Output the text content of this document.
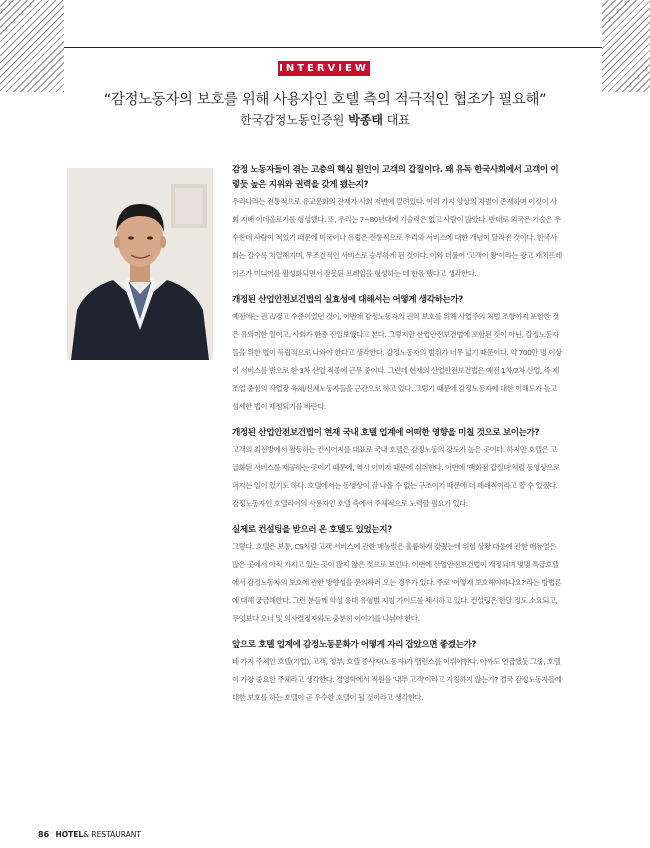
INTERVIEW
“감정노동자의 보호를 위해 사용자인 호텔 측의 적극적인 협조가 필요해”
한국감정노동인증원 박종태 대표

감정 노동자들이 겪는 고충의 핵심 원인이 고객의 갑질이다. 왜 유독 한국사회에서 고객이 이렇듯 높은 지위와 권력을 갖게 됐는지?

우리나라는 전통적으로 유교문화의 잔재가 사회 저변에 깔려있다. 여러 가지 양상의 차별이 존재하며 이것이 사회 지배 이데올로기를 형성했다. 또, 우리는 7~80년대에 기술력은 없고 사람이 많았다. 반대로 외국은 기술은 우수한데 사람이 적었기 때문에 미국이나 유럽은 전통적으로 우리와 서비스에 대한 개념이 달라진 것이다. 한국사회는 갈수록 치열해지며, 무조건적인 서비스로 승부하게 된 것이다. 이와 더불어 '고객이 왕'이라는 광고 캐치프레이즈가 미디어를 활성화되면서 잘못된 프레임을 형성하는 데 한몫 했다고 생각한다.

개정된 산업안전보건법의 실효성에 대해서는 어떻게 생각하는가?

예전에는 권고/경고 수준이었던 것이, 이번에 감정노동자의 권익 보호를 위해 사업주의 처벌 조항까지 포함한 것은 유의미한 일이고, 사회가 한층 진일보했다고 본다. 그렇지만 산업안전보건법에 포함된 것이 아닌, 감정노동자들을 위한 법이 독립적으로 나와야 한다고 생각한다. 감정노동자의 범위가 너무 넓기 때문이다. 약 700만 명 이상이 서비스를 반으로 한 3차 산업 직종에 근무 중이다. 그런데 현재의 산업안전보건법은 예전 1차/2차 산업, 즉 제조업 중심의 작업장 육체/신체노동자들을 근간으로 하고 있다. 그렇기 때문에 감정노동자에 대한 이해도가 높고 섬세한 법이 제정되기를 바란다.

개정된 산업안전보건법이 현재 국내 호텔 업계에 어떠한 영향을 미칠 것으로 보이는가?

고객의 최전방에서 활동하는 컨시어지를 대표로 국내 호텔은 감정노동의 강도가 높은 곳이다. 하지만 호텔은 고급화된 서비스를 제공하는 곳이기 때문에, 역시 이미지 때문에 쉬쉬한다. 이번에 '백화점 갑질녀'처럼 동영상으로 퍼지는 일이 있기도 하다. 호텔에서는 동영상이 잘 나올 수 없는 구조이기 때문에 더 폐쇄적이라고 할 수 있겠다. 감정노동자인 호텔리어의 사용자인 호텔 측에서 주체적으로 노력할 필요가 있다.

실제로 컨설팅을 받으러 온 호텔도 있었는지?

그렇다. 호텔은 보통, CS처럼 고객 서비스에 관한 매뉴얼은 훌륭하게 갖췄는데 위험 상황 대응에 관한 매뉴얼은 많은 곳에서 아직 가지고 있는 곳이 많지 않은 것으로 보인다. 이번에 산업안전보건법이 개정되며 몇몇 특급호텔에서 감정노동자의 보호에 관한 방향성을 문의하러 오는 경우가 있다. 주로 '어떻게 보호해야하나요?'라는 방법론에 대해 궁금해한다. 그런 분들께 악성 응대 유형별 지침 가이드를 제시하고 있다. 컨설팅은 한달 정도 소요되고, 무엇보다 오너 및 의사결정자와도 충분히 이야기를 나눠야 한다.

앞으로 호텔 업계에 감정노동문화가 어떻게 자리 잡았으면 좋겠는가?

네 가지 주체인 호텔(기업), 고객, 정부, 호텔 종사자(노동자)가 밸런스를 이뤄야한다. 아까도 언급했듯 그중, 호텔이 가장 중요한 주체라고 생각한다. 경영학에서 직원을 '내부 고객'이라고 지칭하지 않는가? 결국 감정노동자들에 대한 보호를 하는 호텔이 곧 우수한 호텔이 될 것이라고 생각한다.

86 HOTEL& RESTAURANT
